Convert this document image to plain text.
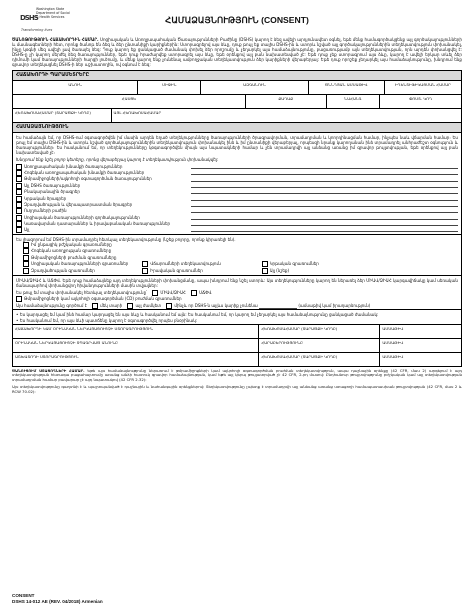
DSHS
Washington State
Department of Social
& Health Services
Transforming lives
ՀԱՄԱՁԱՅՆՈՒԹՅՈՒՆ (CONSENT)
ԾԱՆՈԹՈՒԹՅՈՒՆ ՀԱՃԱԽՈՐԴԻՆ ՀԱՄԱՐ. Սոցիալական և Առողջապահական Ծառայությունների Բաժինը (DSHS) կարող է ձեզ ավելի արդյունավետ օգնել, եթե մենք համագործակցենք այլ գործակալությունների և մասնագետների հետ, որոնք ծանոթ են ձեզ և ձեր ընտանիքի կարիքներին: Ստորագրելով այս ձևը, դուք թույլ եք տալիս DSHS-ին և ստորև նշված այլ գործակալություններին տեղեկատվություն փոխանակել, ինչը կօգնի մեզ ավելի լավ ծառայել ձեզ: Դուք կարող եք ցանկացած ժամանակ փոխել ձեր որոշումը և չեղարկել այս համաձայնությունը, բացառությամբ այն տեղեկատվության, որն արդեն փոխանցվել է: DSHS-ը չի կարող մերժել ձեզ ծառայություններ, եթե դուք հրաժարվեք ստորագրել այս ձևը, եթե օրենքով այլ բան նախատեսված չէ: Եթե դուք չեք ստորագրում այս ձևը, կարող է ավելի երկար տևել ձեր դիմումի կամ ծառայությունների հարցի լուծումը, և մենք կարող ենք չունենալ ամբողջական տեղեկատվություն ձեր կարիքների վերաբերյալ: Եթե դուք որոշեք չեղարկել այս համաձայնությունը, խնդրում ենք գրավոր տեղեկացնել DSHS-ի ձեր աշխատողին, ով օգնում է ձեզ:
ՀԱՃԱԽՈՐԴԻ ՊԱՐԱՄԵՏՐԵՐԸ
ԱՆՈՒՆ	ՄԻՋԻՆ	ԱԶԳԱՆՈՒՆ	ԾՆՆԴՅԱՆ ԱՄՍԱԹԻՎ	ԻԴԵՆՏԻՖԻԿԱՑՄԱՆ ՀԱՄԱՐ
ՀԱՍՑԵ	ՔԱՂԱՔ	ՆԱՀԱՆԳ	ՓՈՍՏ. ԿՈԴ
ՀԵՌԱԽՈՍԱՀԱՄԱՐ (ՏԱՐԱԾՔԻ ԿՈԴԸ)	ԱՅԼ ՀԵՌԱԽՈՍԱՀԱՄԱՐ
ՀԱՄԱՁԱՅՆՈՒԹՅՈՒՆ
Ես համաձայն եմ, որ DSHS-ում օգտագործվեն իմ մասին արդեն եղած տեղեկությունները ծառայությունների ծրագրավորման, տրամադրման և կոորդինացման համար, ինչպես նաև վճարման համար։ Ես թույլ եմ տալիս DSHS-ին և ստորև նշված գործակալություններին տեղեկատվություն փոխանակել ինձ և իմ ընտանիքի վերաբերյալ, որպեսզի նրանք կարողանան ինձ տրամադրել անհրաժեշտ օգնություն և ծառայություններ։ Ես հասկանում եմ, որ տեղեկությունները կօգտագործվեն միայն այս նպատակների համար և չեն տրամադրվի այլ անձանց առանց իմ գրավոր թույլտվության, եթե օրենքով այլ բան նախատեսված չէ։
Խնդրում ենք նշել բոլոր կետերը, որոնց վերաբերյալ կարող է տեղեկատվություն փոխանակվել:
Առողջապահական խնամքի ծառայություններ
Հոգեկան առողջապահական խնամքի ծառայություններ
Թմրամիջոցների/ալկոհոլի օգտագործման ծառայություններ
Այլ DSHS ծառայություններ
Բնակարանային ծրագրեր
Կրթական ծրագրեր
Զբաղվածության և վերապատրաստման ծրագրեր
Ուղղումների բաժին
Սոցիալական ծառայությունների գործակալություններ
Կառավարման դատարաններ և իրավաբանական ծառայություններ
Այլ
Ես լիազորում եմ DSHS-ին տրամադրել հետևյալ տեղեկատվությունը (նշեք բոլորը, որոնք կիրառելի են).
Իմ ընթացիկ բժշկական գրառումները
Հոգեկան առողջության գրառումները
Թմրամիջոցների բուժման գրառումները
Սոցիալական ծառայությունների գրառումներ	Վճարումների տեղեկատվություն	Կրթական գրառումներ
Զբաղվածության գրառումներ	Իրավական գրառումներ	Այլ (նշեք)
ՄԻԱՎ/ՁԻԱՀ և ՍՃՓՎ. Եթե դուք համաձայնեք այդ տեղեկությունների փոխանցմանը, ապա խնդրում ենք նշել ստորև: Այս տեղեկությունները կարող են ներառել ձեր ՄԻԱՎ/ՁԻԱՀ կարգավիճակը կամ սեռական ճանապարհով փոխանցվող հիվանդությունների մասին տվյալներ:
Ես թույլ եմ տալիս փոխանակել հետևյալ տեղեկատվությունը՝	ՄԻԱՎ/ՁԻԱՀ	ՍՃՓՎ
Թմրամիջոցների կամ ալկոհոլի օգտագործման (CD) բուժման գրառումներ
Այս համաձայնությունը գործում է	մեկ տարի	այլ ժամկետ	մինչև որ DSHS-ն այլևս կարիք չունենա	(ամսաթիվ կամ իրադարձություն)
• Ես կարդացել եմ կամ ինձ համար կարդացել են այս ձևը և հասկանում եմ այն: Ես հասկանում եմ, որ կարող եմ չեղարկել այս համաձայնությունը ցանկացած ժամանակ:
• Ես հասկանում եմ, որ այս ձևի պատճենը կարող է օգտագործվել որպես բնօրինակ:
ՀԱՃԱԽՈՐԴԻ ԿԱՄ ՕՐԻՆԱԿԱՆ ՆԵՐԿԱՅԱՑՈՒՑՉԻ ՍՏՈՐԱԳՐՈՒԹՅՈՒՆ	ՀԵՌԱԽՈՍԱՀԱՄԱՐ (ՏԱՐԱԾՔԻ ԿՈԴԸ)	ԱՄՍԱԹԻՎ
ՕՐԻՆԱԿԱՆ ՆԵՐԿԱՅԱՑՈՒՑՉԻ ՏՊԱԳՐՎԱԾ ԱՆՈՒՆԸ	ՀԱՐԱԲԵՐՈՒԹՅՈՒՆԸ	ԱՄՍԱԹԻՎ
ԱՇԽԱՏՈՂԻ ՍՏՈՐԱԳՐՈՒԹՅՈՒՆ	ՀԵՌԱԽՈՍԱՀԱՄԱՐ (ՏԱՐԱԾՔԻ ԿՈԴԸ)	ԱՄՍԱԹԻՎ
ԾԱՆՈՒՑՈՒՄ ՍՏԱՑՈՂՆԵՐԻ ՀԱՄԱՐ. Եթե այս համաձայնությունը ներառում է թմրամիջոցների կամ ալկոհոլի օգտագործման բուժման տեղեկատվություն, ապա դաշնային օրենքը (42 CFR, մաս 2) արգելում է այդ տեղեկատվության հետագա բացահայտումը առանց անձի հատուկ գրավոր համաձայնության, կամ եթե այլ կերպ թույլատրված չէ 42 CFR, 2-րդ մասով: Ընդհանուր թույլտվությունը բժշկական կամ այլ տեղեկատվության տրամադրման համար բավարար չէ այդ նպատակով (42 CFR 2.32):
Այս տեղեկատվությունը գաղտնի է և պաշտպանված է դաշնային և նահանգային օրենքներով: Տեղեկատվությունը չպետք է տրամադրվի այլ անձանց առանց ստացողի համապատասխան թույլտվության (42 CFR, մաս 2 և RCW 70.02):
CONSENT
DSHS 14-012 AE (REV. 04/2018) Armenian
